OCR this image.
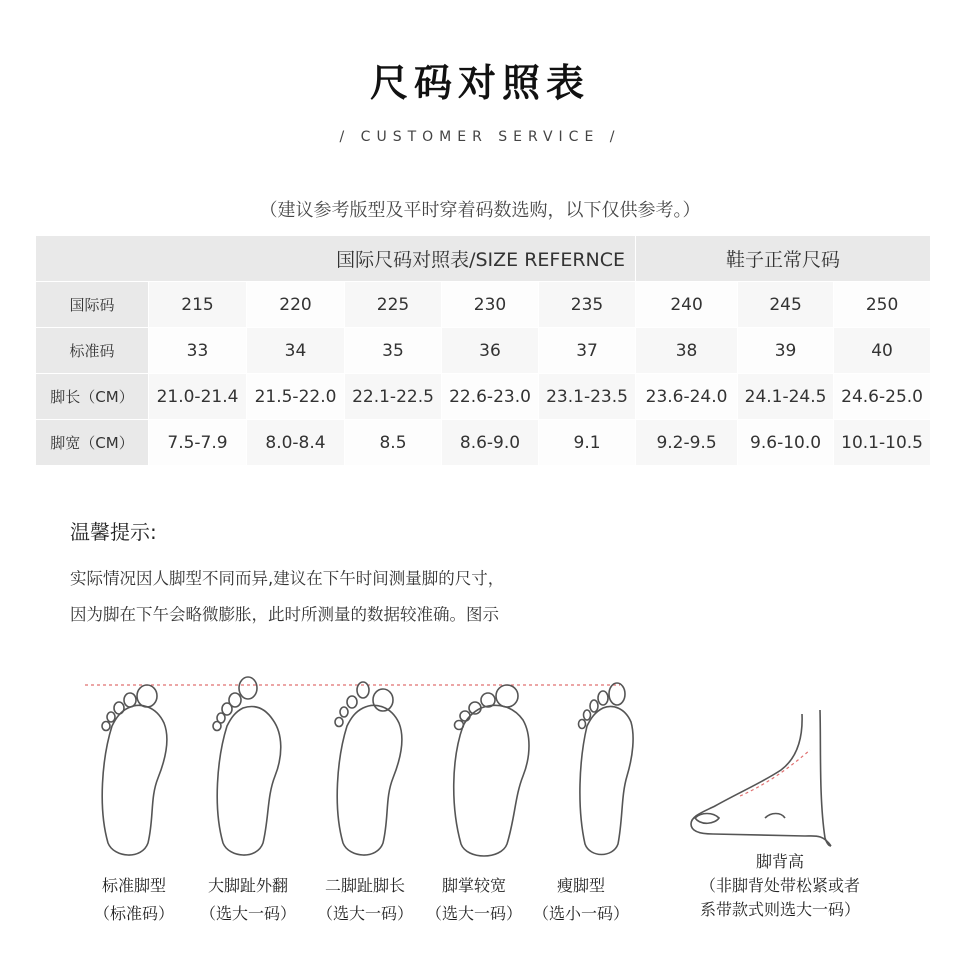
尺码对照表
/ CUSTOMER SERVICE /
（建议参考版型及平时穿着码数选购，以下仅供参考。）
国际尺码对照表/SIZE REFERNCE						鞋子正常尺码		
国际码	215	220	225	230	235	240	245	250
标准码	33	34	35	36	37	38	39	40
脚长（CM）	21.0-21.4	21.5-22.0	22.1-22.5	22.6-23.0	23.1-23.5	23.6-24.0	24.1-24.5	24.6-25.0
脚宽（CM）	7.5-7.9	8.0-8.4	8.5	8.6-9.0	9.1	9.2-9.5	9.6-10.0	10.1-10.5
温馨提示:
实际情况因人脚型不同而异,建议在下午时间测量脚的尺寸，
因为脚在下午会略微膨胀，此时所测量的数据较准确。图示
标准脚型
（标准码）
大脚趾外翻
（选大一码）
二脚趾脚长
（选大一码）
脚掌较宽
（选大一码）
瘦脚型
（选小一码）
脚背高
（非脚背处带松紧或者
系带款式则选大一码）
